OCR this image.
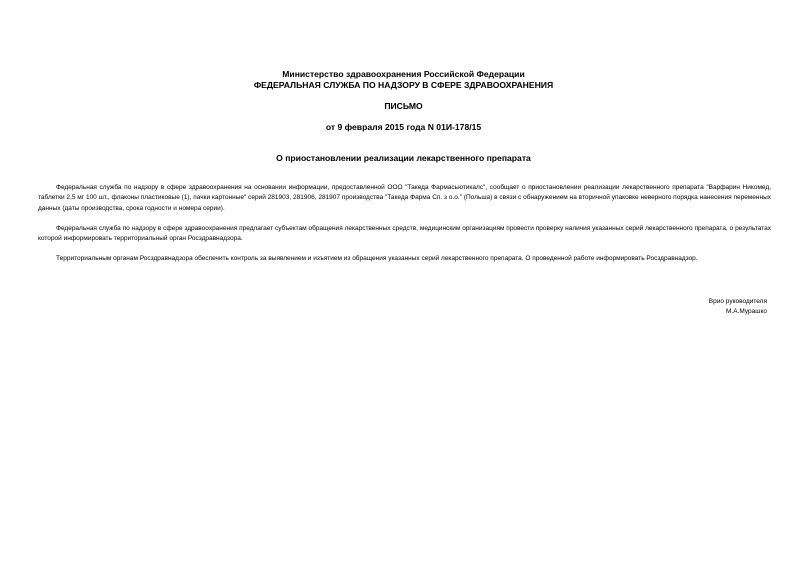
Министерство здравоохранения Российской Федерации
ФЕДЕРАЛЬНАЯ СЛУЖБА ПО НАДЗОРУ В СФЕРЕ ЗДРАВООХРАНЕНИЯ
ПИСЬМО
от 9 февраля 2015 года N 01И-178/15
О приостановлении реализации лекарственного препарата

Федеральная служба по надзору в сфере здравоохранения на основании информации, предоставленной ООО "Такеда Фармасьютикалс", сообщает о приостановлении реализации лекарственного препарата "Варфарин Никомед, таблетки 2,5 мг 100 шт., флаконы пластиковые (1), пачки картонные" серий 281903, 281906, 281907 производства "Такеда Фарма Сп. з о.о." (Польша) в связи с обнаружением на вторичной упаковке неверного порядка нанесения переменных данных (даты производства, срока годности и номера серии).

Федеральная служба по надзору в сфере здравоохранения предлагает субъектам обращения лекарственных средств, медицинским организациям провести проверку наличия указанных серий лекарственного препарата, о результатах которой информировать территориальный орган Росздравнадзора.

Территориальным органам Росздравнадзора обеспечить контроль за выявлением и изъятием из обращения указанных серий лекарственного препарата. О проведенной работе информировать Росздравнадзор.

Врио руководителя
М.А.Мурашко
